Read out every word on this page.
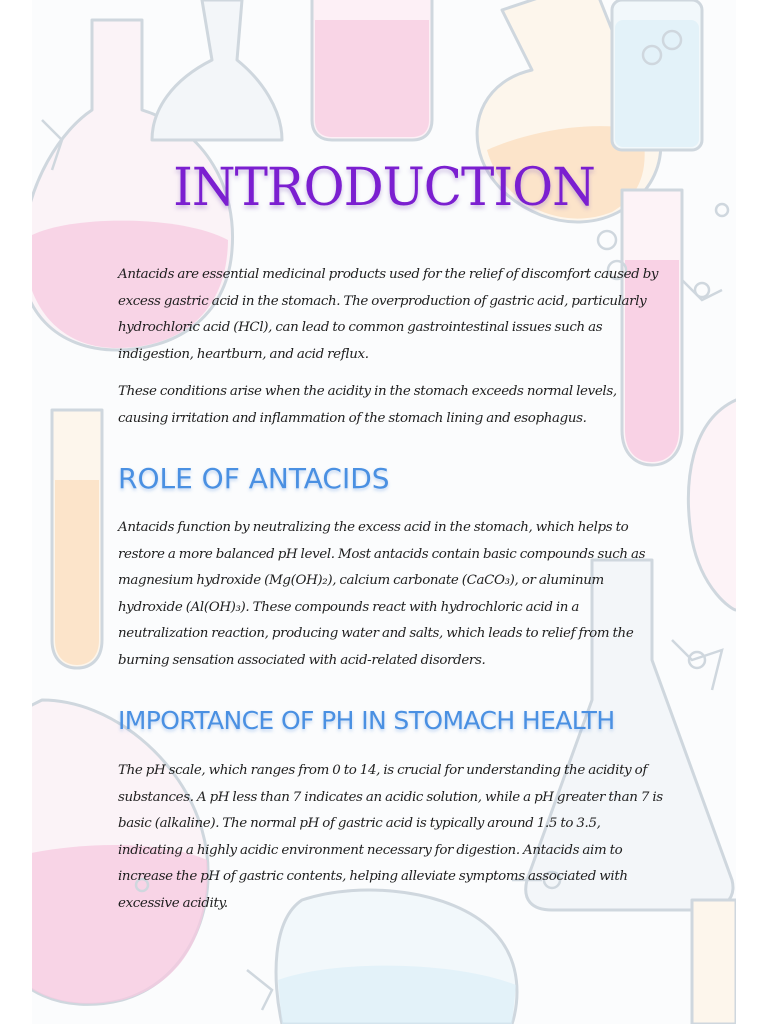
INTRODUCTION

Antacids are essential medicinal products used for the relief of discomfort caused by excess gastric acid in the stomach. The overproduction of gastric acid, particularly hydrochloric acid (HCl), can lead to common gastrointestinal issues such as indigestion, heartburn, and acid reflux.

These conditions arise when the acidity in the stomach exceeds normal levels, causing irritation and inflammation of the stomach lining and esophagus.

ROLE OF ANTACIDS

Antacids function by neutralizing the excess acid in the stomach, which helps to restore a more balanced pH level. Most antacids contain basic compounds such as magnesium hydroxide (Mg(OH)₂), calcium carbonate (CaCO₃), or aluminum hydroxide (Al(OH)₃). These compounds react with hydrochloric acid in a neutralization reaction, producing water and salts, which leads to relief from the burning sensation associated with acid-related disorders.

IMPORTANCE OF PH IN STOMACH HEALTH

The pH scale, which ranges from 0 to 14, is crucial for understanding the acidity of substances. A pH less than 7 indicates an acidic solution, while a pH greater than 7 is basic (alkaline). The normal pH of gastric acid is typically around 1.5 to 3.5, indicating a highly acidic environment necessary for digestion. Antacids aim to increase the pH of gastric contents, helping alleviate symptoms associated with excessive acidity.
